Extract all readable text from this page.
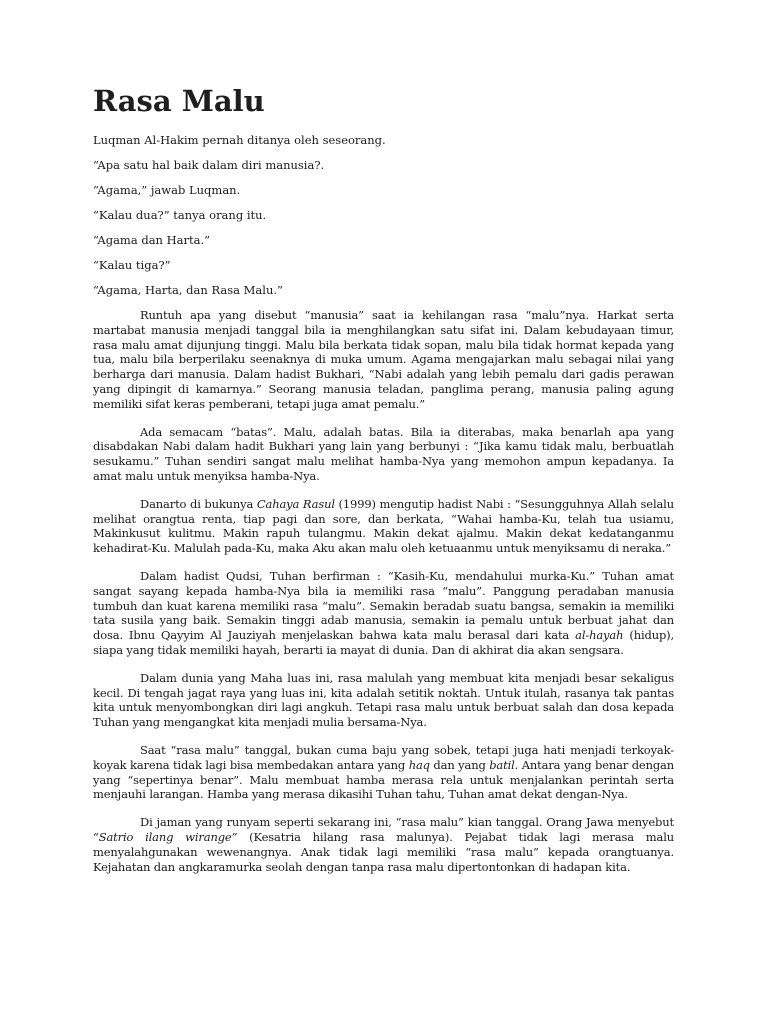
Rasa Malu

Luqman Al-Hakim pernah ditanya oleh seseorang.

“Apa satu hal baik dalam diri manusia?.

“Agama,” jawab Luqman.

“Kalau dua?” tanya orang itu.

“Agama dan Harta.”

“Kalau tiga?”

“Agama, Harta, dan Rasa Malu.”

Runtuh apa yang disebut “manusia” saat ia kehilangan rasa “malu”nya. Harkat serta martabat manusia menjadi tanggal bila ia menghilangkan satu sifat ini. Dalam kebudayaan timur, rasa malu amat dijunjung tinggi. Malu bila berkata tidak sopan, malu bila tidak hormat kepada yang tua, malu bila berperilaku seenaknya di muka umum. Agama mengajarkan malu sebagai nilai yang berharga dari manusia. Dalam hadist Bukhari, “Nabi adalah yang lebih pemalu dari gadis perawan yang dipingit di kamarnya.” Seorang manusia teladan, panglima perang, manusia paling agung memiliki sifat keras pemberani, tetapi juga amat pemalu.”

Ada semacam “batas”. Malu, adalah batas. Bila ia diterabas, maka benarlah apa yang disabdakan Nabi dalam hadit Bukhari yang lain yang berbunyi : “Jika kamu tidak malu, berbuatlah sesukamu.” Tuhan sendiri sangat malu melihat hamba-Nya yang memohon ampun kepadanya. Ia amat malu untuk menyiksa hamba-Nya.

Danarto di bukunya Cahaya Rasul (1999) mengutip hadist Nabi : “Sesungguhnya Allah selalu melihat orangtua renta, tiap pagi dan sore, dan berkata, “Wahai hamba-Ku, telah tua usiamu, Makinkusut kulitmu. Makin rapuh tulangmu. Makin dekat ajalmu. Makin dekat kedatanganmu kehadirat-Ku. Malulah pada-Ku, maka Aku akan malu oleh ketuaanmu untuk menyiksamu di neraka.”

Dalam hadist Qudsi, Tuhan berfirman : “Kasih-Ku, mendahului murka-Ku.” Tuhan amat sangat sayang kepada hamba-Nya bila ia memiliki rasa “malu”. Panggung peradaban manusia tumbuh dan kuat karena memiliki rasa “malu”. Semakin beradab suatu bangsa, semakin ia memiliki tata susila yang baik. Semakin tinggi adab manusia, semakin ia pemalu untuk berbuat jahat dan dosa. Ibnu Qayyim Al Jauziyah menjelaskan bahwa kata malu berasal dari kata al-hayah (hidup), siapa yang tidak memiliki hayah, berarti ia mayat di dunia. Dan di akhirat dia akan sengsara.

Dalam dunia yang Maha luas ini, rasa malulah yang membuat kita menjadi besar sekaligus kecil. Di tengah jagat raya yang luas ini, kita adalah setitik noktah. Untuk itulah, rasanya tak pantas kita untuk menyombongkan diri lagi angkuh. Tetapi rasa malu untuk berbuat salah dan dosa kepada Tuhan yang mengangkat kita menjadi mulia bersama-Nya.

Saat “rasa malu” tanggal, bukan cuma baju yang sobek, tetapi juga hati menjadi terkoyak-koyak karena tidak lagi bisa membedakan antara yang haq dan yang batil. Antara yang benar dengan yang “sepertinya benar”. Malu membuat hamba merasa rela untuk menjalankan perintah serta menjauhi larangan. Hamba yang merasa dikasihi Tuhan tahu, Tuhan amat dekat dengan-Nya.

Di jaman yang runyam seperti sekarang ini, “rasa malu” kian tanggal. Orang Jawa menyebut “Satrio ilang wirange” (Kesatria hilang rasa malunya). Pejabat tidak lagi merasa malu menyalahgunakan wewenangnya. Anak tidak lagi memiliki “rasa malu” kepada orangtuanya. Kejahatan dan angkaramurka seolah dengan tanpa rasa malu dipertontonkan di hadapan kita.
